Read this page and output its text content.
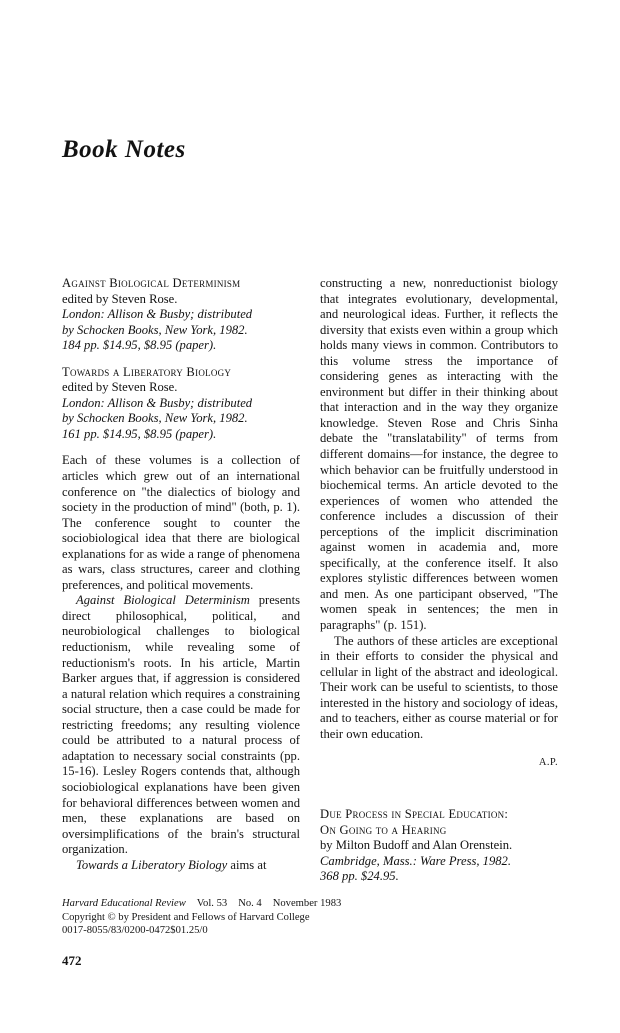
Book Notes
Against Biological Determinism
edited by Steven Rose.
London: Allison & Busby; distributed
by Schocken Books, New York, 1982.
184 pp. $14.95, $8.95 (paper).
Towards a Liberatory Biology
edited by Steven Rose.
London: Allison & Busby; distributed
by Schocken Books, New York, 1982.
161 pp. $14.95, $8.95 (paper).

Each of these volumes is a collection of articles which grew out of an international conference on "the dialectics of biology and society in the production of mind" (both, p. 1). The conference sought to counter the sociobiological idea that there are biological explanations for as wide a range of phenomena as wars, class structures, career and clothing preferences, and political movements.

Against Biological Determinism presents direct philosophical, political, and neurobiological challenges to biological reductionism, while revealing some of reductionism's roots. In his article, Martin Barker argues that, if aggression is considered a natural relation which requires a constraining social structure, then a case could be made for restricting freedoms; any resulting violence could be attributed to a natural process of adaptation to necessary social constraints (pp. 15-16). Lesley Rogers contends that, although sociobiological explanations have been given for behavioral differences between women and men, these explanations are based on oversimplifications of the brain's structural organization.

Towards a Liberatory Biology aims at

constructing a new, nonreductionist biology that integrates evolutionary, developmental, and neurological ideas. Further, it reflects the diversity that exists even within a group which holds many views in common. Contributors to this volume stress the importance of considering genes as interacting with the environment but differ in their thinking about that interaction and in the way they organize knowledge. Steven Rose and Chris Sinha debate the "translatability" of terms from different domains—for instance, the degree to which behavior can be fruitfully understood in biochemical terms. An article devoted to the experiences of women who attended the conference includes a discussion of their perceptions of the implicit discrimination against women in academia and, more specifically, at the conference itself. It also explores stylistic differences between women and men. As one participant observed, "The women speak in sentences; the men in paragraphs" (p. 151).

The authors of these articles are exceptional in their efforts to consider the physical and cellular in light of the abstract and ideological. Their work can be useful to scientists, to those interested in the history and sociology of ideas, and to teachers, either as course material or for their own education.

A.P.
Due Process in Special Education:
On Going to a Hearing
by Milton Budoff and Alan Orenstein.
Cambridge, Mass.: Ware Press, 1982.
368 pp. $24.95.
Harvard Educational Review Vol. 53 No. 4 November 1983
Copyright © by President and Fellows of Harvard College
0017-8055/83/0200-0472$01.25/0
472
